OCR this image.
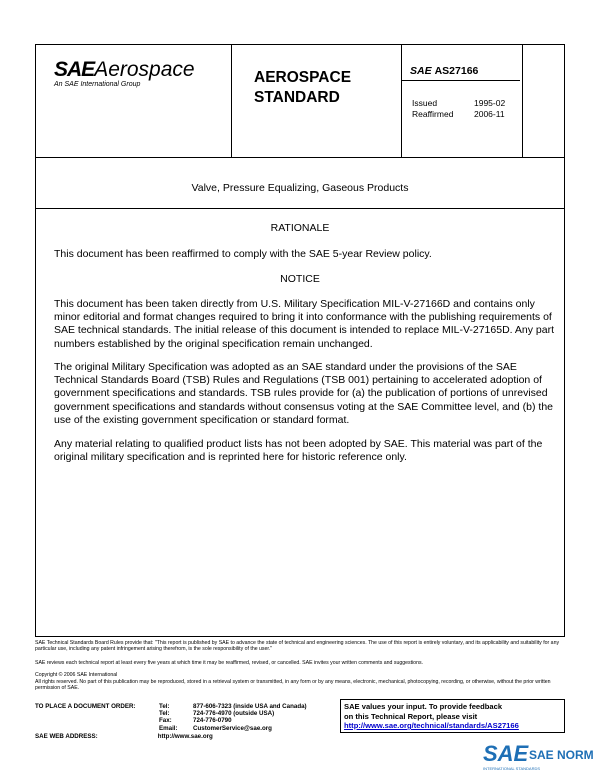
SAEAerospace
An SAE International Group	AEROSPACE
STANDARD
SAE AS27166
Issued	1995-02
Reaffirmed	2006-11
Valve, Pressure Equalizing, Gaseous Products
RATIONALE
This document has been reaffirmed to comply with the SAE 5-year Review policy.
NOTICE
This document has been taken directly from U.S. Military Specification MIL-V-27166D and contains only minor editorial and format changes required to bring it into conformance with the publishing requirements of SAE technical standards. The initial release of this document is intended to replace MIL-V-27165D. Any part numbers established by the original specification remain unchanged.
The original Military Specification was adopted as an SAE standard under the provisions of the SAE Technical Standards Board (TSB) Rules and Regulations (TSB 001) pertaining to accelerated adoption of government specifications and standards. TSB rules provide for (a) the publication of portions of unrevised government specifications and standards without consensus voting at the SAE Committee level, and (b) the use of the existing government specification or standard format.
Any material relating to qualified product lists has not been adopted by SAE. This material was part of the original military specification and is reprinted here for historic reference only.
SAE Technical Standards Board Rules provide that: "This report is published by SAE to advance the state of technical and engineering sciences. The use of this report is entirely voluntary, and its applicability and suitability for any particular use, including any patent infringement arising therefrom, is the sole responsibility of the user."
SAE reviews each technical report at least every five years at which time it may be reaffirmed, revised, or cancelled. SAE invites your written comments and suggestions.
Copyright © 2006 SAE International
All rights reserved. No part of this publication may be reproduced, stored in a retrieval system or transmitted, in any form or by any means, electronic, mechanical, photocopying, recording, or otherwise, without the prior written permission of SAE.
TO PLACE A DOCUMENT ORDER:	Tel:	877-606-7323 (inside USA and Canada)
Tel:	724-776-4970 (outside USA)
Fax:	724-776-0790
Email:	CustomerService@sae.org
SAE WEB ADDRESS:	http://www.sae.org
SAE values your input. To provide feedback
on this Technical Report, please visit
http://www.sae.org/technical/standards/AS27166
SAE SAE NORM
INTERNATIONAL STANDARDS
